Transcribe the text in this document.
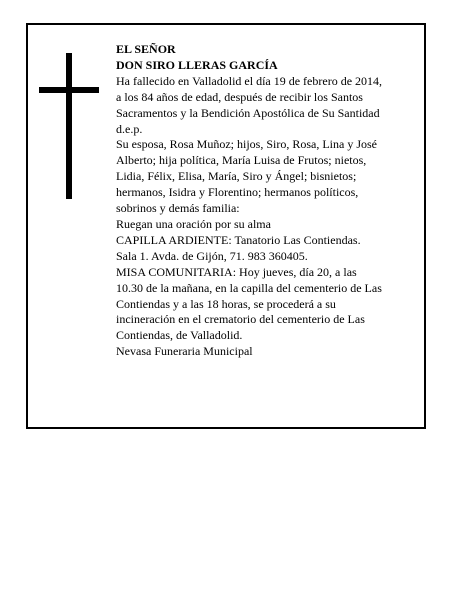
EL SEÑOR

DON SIRO LLERAS GARCÍA

Ha fallecido en Valladolid el día 19 de febrero de 2014,

a los 84 años de edad, después de recibir los Santos

Sacramentos y la Bendición Apostólica de Su Santidad

d.e.p.

Su esposa, Rosa Muñoz; hijos, Siro, Rosa, Lina y José

Alberto; hija política, María Luisa de Frutos; nietos,

Lidia, Félix, Elisa, María, Siro y Ángel; bisnietos;

hermanos, Isidra y Florentino; hermanos políticos,

sobrinos y demás familia:

Ruegan una oración por su alma

CAPILLA ARDIENTE: Tanatorio Las Contiendas.

Sala 1. Avda. de Gijón, 71. 983 360405.

MISA COMUNITARIA: Hoy jueves, día 20, a las

10.30 de la mañana, en la capilla del cementerio de Las

Contiendas y a las 18 horas, se procederá a su

incineración en el crematorio del cementerio de Las

Contiendas, de Valladolid.

Nevasa Funeraria Municipal
